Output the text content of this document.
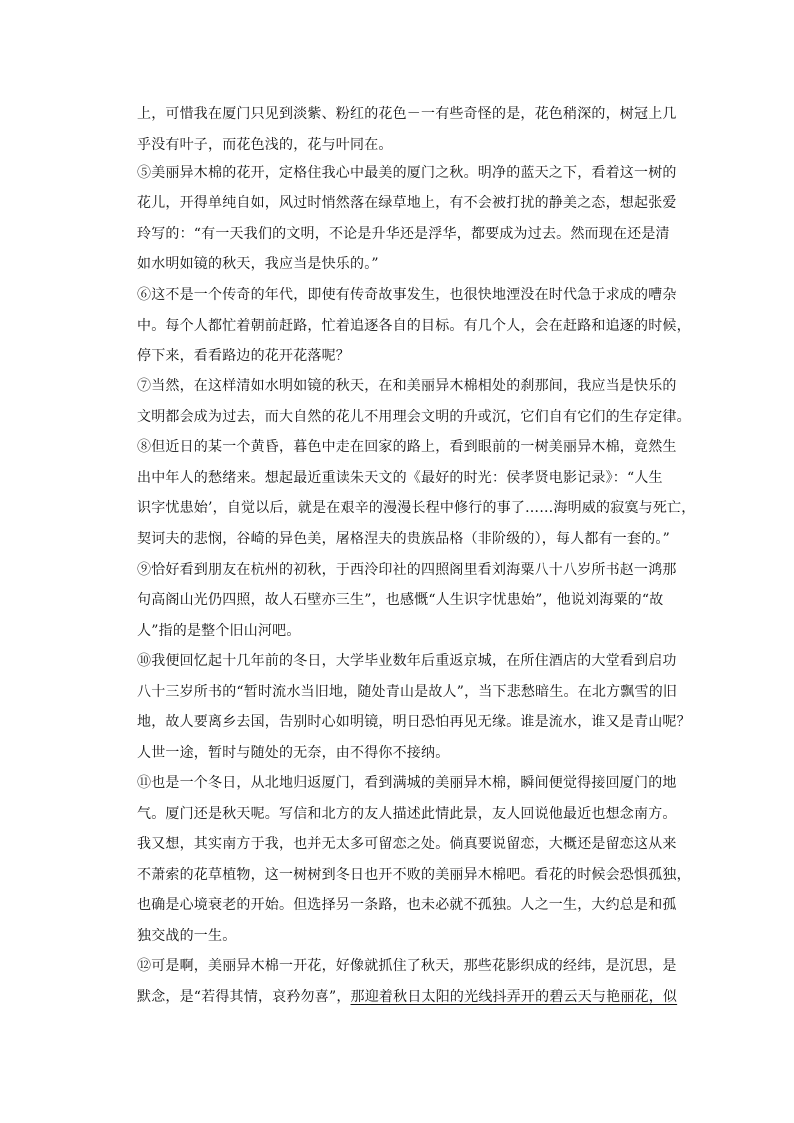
上，可惜我在厦门只见到淡紫、粉红的花色－一有些奇怪的是，花色稍深的，树冠上几
乎没有叶子，而花色浅的，花与叶同在。
⑤美丽异木棉的花开，定格住我心中最美的厦门之秋。明净的蓝天之下，看着这一树的
花儿，开得单纯自如，风过时悄然落在绿草地上，有不会被打扰的静美之态，想起张爱
玲写的：“有一天我们的文明，不论是升华还是浮华，都要成为过去。然而现在还是清
如水明如镜的秋天，我应当是快乐的。”
⑥这不是一个传奇的年代，即使有传奇故事发生，也很快地湮没在时代急于求成的嘈杂
中。每个人都忙着朝前赶路，忙着追逐各自的目标。有几个人，会在赶路和追逐的时候，
停下来，看看路边的花开花落呢？
⑦当然，在这样清如水明如镜的秋天，在和美丽异木棉相处的刹那间，我应当是快乐的
文明都会成为过去，而大自然的花儿不用理会文明的升或沉，它们自有它们的生存定律。
⑧但近日的某一个黄昏，暮色中走在回家的路上，看到眼前的一树美丽异木棉，竟然生
出中年人的愁绪来。想起最近重读朱天文的《最好的时光：侯孝贤电影记录》：“人生
识字忧患始’，自觉以后，就是在艰辛的漫漫长程中修行的事了……海明威的寂寞与死亡，
契诃夫的悲悯，谷崎的异色美，屠格涅夫的贵族品格（非阶级的），每人都有一套的。”
⑨恰好看到朋友在杭州的初秋，于西泠印社的四照阁里看刘海粟八十八岁所书赵一鸿那
句高阁山光仍四照，故人石壁亦三生”，也感慨“人生识字忧患始”，他说刘海粟的“故
人”指的是整个旧山河吧。
⑩我便回忆起十几年前的冬日，大学毕业数年后重返京城，在所住酒店的大堂看到启功
八十三岁所书的“暂时流水当旧地，随处青山是故人”，当下悲愁暗生。在北方飘雪的旧
地，故人要离乡去国，告别时心如明镜，明日恐怕再见无缘。谁是流水，谁又是青山呢？
人世一途，暂时与随处的无奈，由不得你不接纳。
⑪也是一个冬日，从北地归返厦门，看到满城的美丽异木棉，瞬间便觉得接回厦门的地
气。厦门还是秋天呢。写信和北方的友人描述此情此景，友人回说他最近也想念南方。
我又想，其实南方于我，也并无太多可留恋之处。倘真要说留恋，大概还是留恋这从来
不萧索的花草植物，这一树树到冬日也开不败的美丽异木棉吧。看花的时候会恐惧孤独，
也确是心境衰老的开始。但选择另一条路，也未必就不孤独。人之一生，大约总是和孤
独交战的一生。
⑫可是啊，美丽异木棉一开花，好像就抓住了秋天，那些花影织成的经纬，是沉思，是
默念，是“若得其情，哀矜勿喜”，那迎着秋日太阳的光线抖弄开的碧云天与艳丽花，似
